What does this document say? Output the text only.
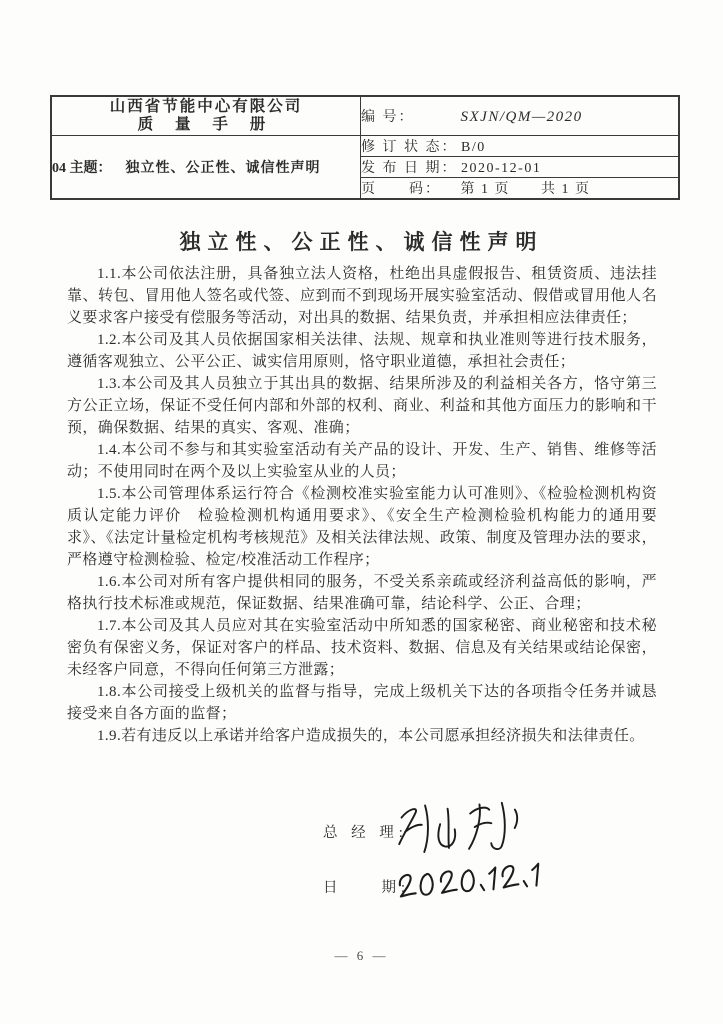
山西省节能中心有限公司
质 量 手 册	编 号： SXJN/QM—2020
04 主题： 独立性、公正性、诚信性声明	修 订 状 态： B/0
	发 布 日 期： 2020-12-01
	页　　码： 第 1 页　　共 1 页
独立性、公正性、诚信性声明

1.1.本公司依法注册，具备独立法人资格，杜绝出具虚假报告、租赁资质、违法挂靠、转包、冒用他人签名或代签、应到而不到现场开展实验室活动、假借或冒用他人名义要求客户接受有偿服务等活动，对出具的数据、结果负责，并承担相应法律责任；

1.2.本公司及其人员依据国家相关法律、法规、规章和执业准则等进行技术服务，遵循客观独立、公平公正、诚实信用原则，恪守职业道德，承担社会责任；

1.3.本公司及其人员独立于其出具的数据、结果所涉及的利益相关各方，恪守第三方公正立场，保证不受任何内部和外部的权利、商业、利益和其他方面压力的影响和干预，确保数据、结果的真实、客观、准确；

1.4.本公司不参与和其实验室活动有关产品的设计、开发、生产、销售、维修等活动；不使用同时在两个及以上实验室从业的人员；

1.5.本公司管理体系运行符合《检测校准实验室能力认可准则》、《检验检测机构资质认定能力评价　检验检测机构通用要求》、《安全生产检测检验机构能力的通用要求》、《法定计量检定机构考核规范》及相关法律法规、政策、制度及管理办法的要求，严格遵守检测检验、检定/校准活动工作程序；

1.6.本公司对所有客户提供相同的服务，不受关系亲疏或经济利益高低的影响，严格执行技术标准或规范，保证数据、结果准确可靠，结论科学、公正、合理；

1.7.本公司及其人员应对其在实验室活动中所知悉的国家秘密、商业秘密和技术秘密负有保密义务，保证对客户的样品、技术资料、数据、信息及有关结果或结论保密，未经客户同意，不得向任何第三方泄露；

1.8.本公司接受上级机关的监督与指导，完成上级机关下达的各项指令任务并诚恳接受来自各方面的监督；

1.9.若有违反以上承诺并给客户造成损失的，本公司愿承担经济损失和法律责任。

总 经 理:
日　　期:
— 6 —
